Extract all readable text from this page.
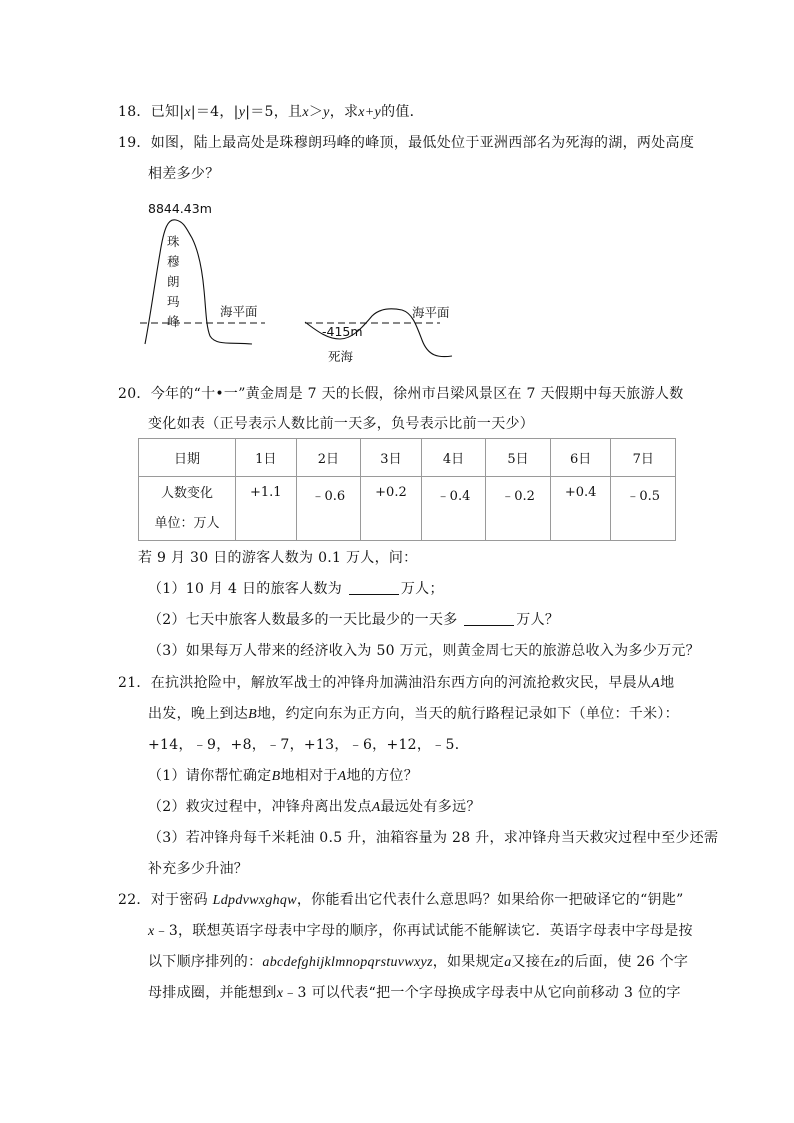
18．已知|x|＝4，|y|＝5，且x＞y，求x+y的值．
19．如图，陆上最高处是珠穆朗玛峰的峰顶，最低处位于亚洲西部名为死海的湖，两处高度
相差多少？
8844.43m
珠
穆
朗
玛
峰
海平面	海平面
-415m
死海
20．今年的“十•一”黄金周是 7 天的长假，徐州市吕梁风景区在 7 天假期中每天旅游人数
变化如表（正号表示人数比前一天多，负号表示比前一天少）
日期	1日	2日	3日	4日	5日	6日	7日

人数变化
单位：万人	+1.1	﹣0.6	+0.2	﹣0.4	﹣0.2	+0.4	﹣0.5
若 9 月 30 日的游客人数为 0.1 万人，问：
（1）10 月 4 日的旅客人数为	万人；
（2）七天中旅客人数最多的一天比最少的一天多	万人？
（3）如果每万人带来的经济收入为 50 万元，则黄金周七天的旅游总收入为多少万元？
21．在抗洪抢险中，解放军战士的冲锋舟加满油沿东西方向的河流抢救灾民，早晨从A地
出发，晚上到达B地，约定向东为正方向，当天的航行路程记录如下（单位：千米）：
+14，﹣9，+8，﹣7，+13，﹣6，+12，﹣5．
（1）请你帮忙确定B地相对于A地的方位？
（2）救灾过程中，冲锋舟离出发点A最远处有多远？
（3）若冲锋舟每千米耗油 0.5 升，油箱容量为 28 升，求冲锋舟当天救灾过程中至少还需
补充多少升油？
22．对于密码 Ldpdvwxghqw，你能看出它代表什么意思吗？如果给你一把破译它的“钥匙”
x﹣3，联想英语字母表中字母的顺序，你再试试能不能解读它．英语字母表中字母是按
以下顺序排列的：abcdefghijklmnopqrstuvwxyz，如果规定a又接在z的后面，使 26 个字
母排成圈，并能想到x﹣3 可以代表“把一个字母换成字母表中从它向前移动 3 位的字
